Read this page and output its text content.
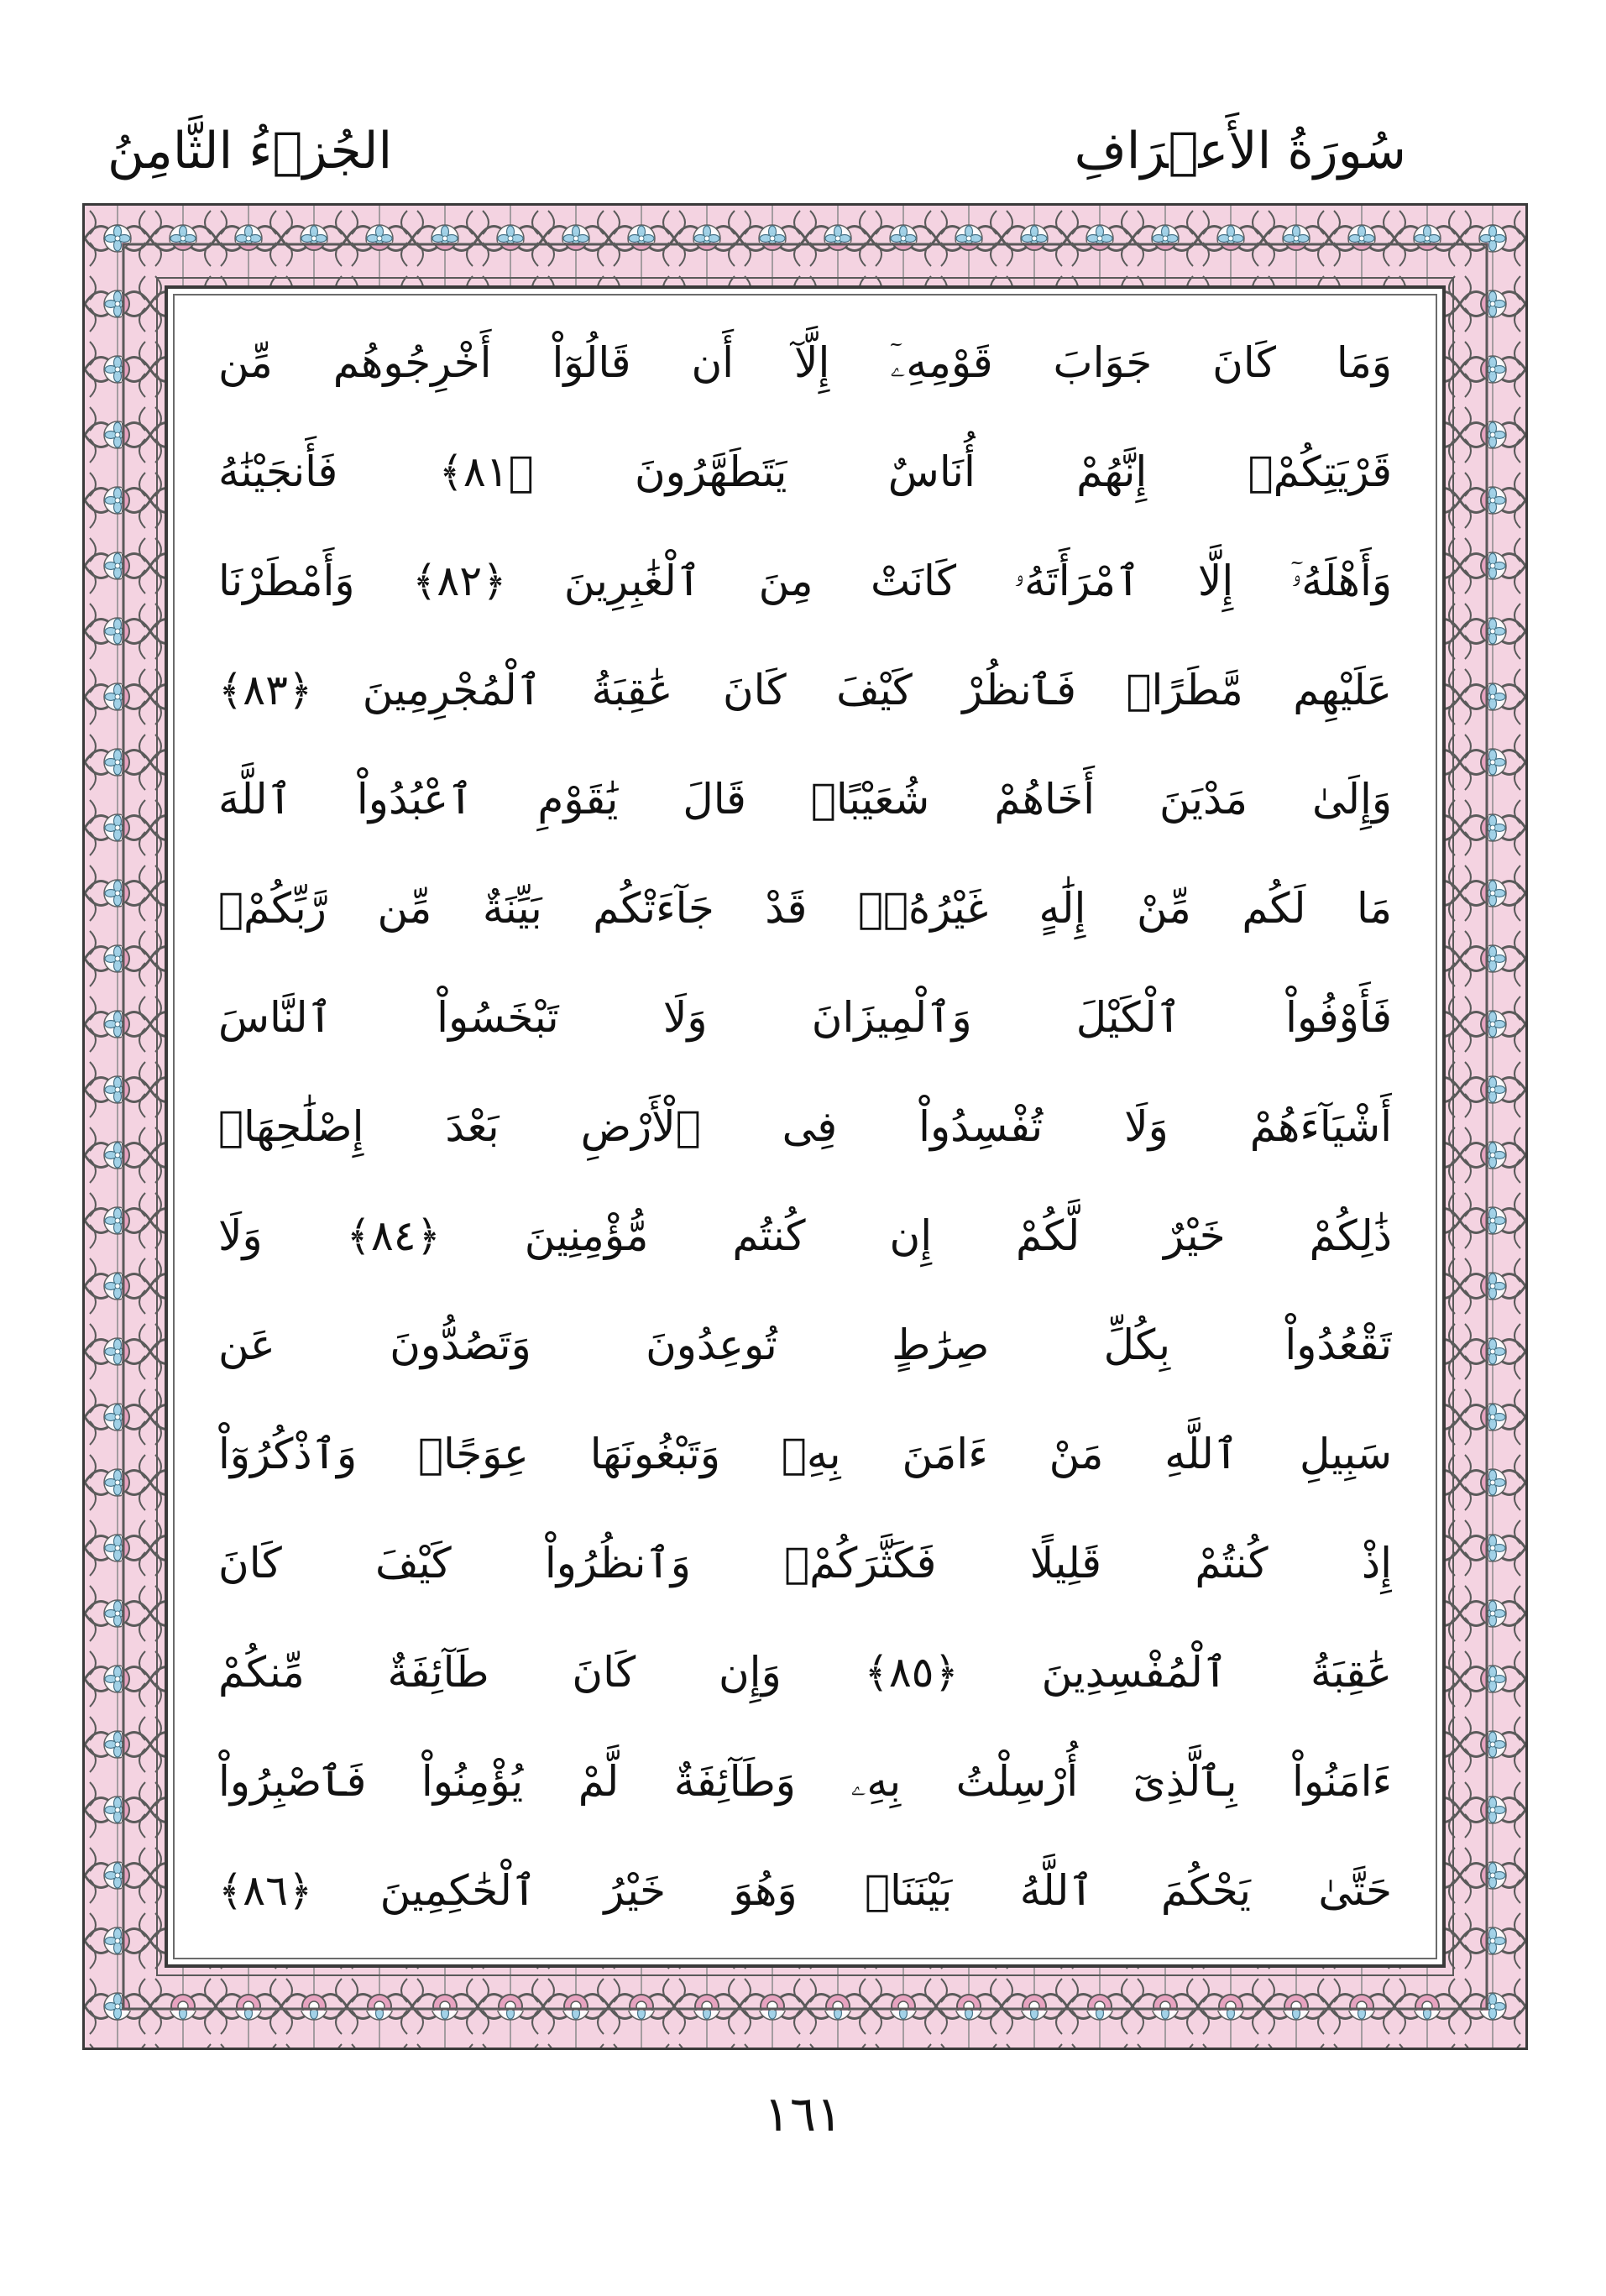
سُورَةُ الأَعۡرَافِ
الجُزۡءُ الثَّامِنُ
وَمَا كَانَ جَوَابَ قَوْمِهِۦٓ إِلَّآ أَن قَالُوٓاْ أَخْرِجُوهُم مِّن
قَرْيَتِكُمْۖ إِنَّهُمْ أُنَاسٌ يَتَطَهَّرُونَ ﴿٨١﴾ فَأَنجَيْنَٰهُ
وَأَهْلَهُۥٓ إِلَّا ٱمْرَأَتَهُۥ كَانَتْ مِنَ ٱلْغَٰبِرِينَ ﴿٨٢﴾ وَأَمْطَرْنَا
عَلَيْهِم مَّطَرًاۖ فَٱنظُرْ كَيْفَ كَانَ عَٰقِبَةُ ٱلْمُجْرِمِينَ ﴿٨٣﴾
وَإِلَىٰ مَدْيَنَ أَخَاهُمْ شُعَيْبًاۗ قَالَ يَٰقَوْمِ ٱعْبُدُواْ ٱللَّهَ
مَا لَكُم مِّنْ إِلَٰهٍ غَيْرُهُۥۖ قَدْ جَآءَتْكُم بَيِّنَةٌ مِّن رَّبِّكُمْۖ
فَأَوْفُواْ ٱلْكَيْلَ وَٱلْمِيزَانَ وَلَا تَبْخَسُواْ ٱلنَّاسَ
أَشْيَآءَهُمْ وَلَا تُفْسِدُواْ فِى ٱلْأَرْضِ بَعْدَ إِصْلَٰحِهَاۚ
ذَٰلِكُمْ خَيْرٌ لَّكُمْ إِن كُنتُم مُّؤْمِنِينَ ﴿٨٤﴾ وَلَا
تَقْعُدُواْ بِكُلِّ صِرَٰطٍ تُوعِدُونَ وَتَصُدُّونَ عَن
سَبِيلِ ٱللَّهِ مَنْ ءَامَنَ بِهِۦ وَتَبْغُونَهَا عِوَجًاۚ وَٱذْكُرُوٓاْ
إِذْ كُنتُمْ قَلِيلًا فَكَثَّرَكُمْۖ وَٱنظُرُواْ كَيْفَ كَانَ
عَٰقِبَةُ ٱلْمُفْسِدِينَ ﴿٨٥﴾ وَإِن كَانَ طَآئِفَةٌ مِّنكُمْ
ءَامَنُواْ بِٱلَّذِىٓ أُرْسِلْتُ بِهِۦ وَطَآئِفَةٌ لَّمْ يُؤْمِنُواْ فَٱصْبِرُواْ
حَتَّىٰ يَحْكُمَ ٱللَّهُ بَيْنَنَاۚ وَهُوَ خَيْرُ ٱلْحَٰكِمِينَ ﴿٨٦﴾
١٦١
